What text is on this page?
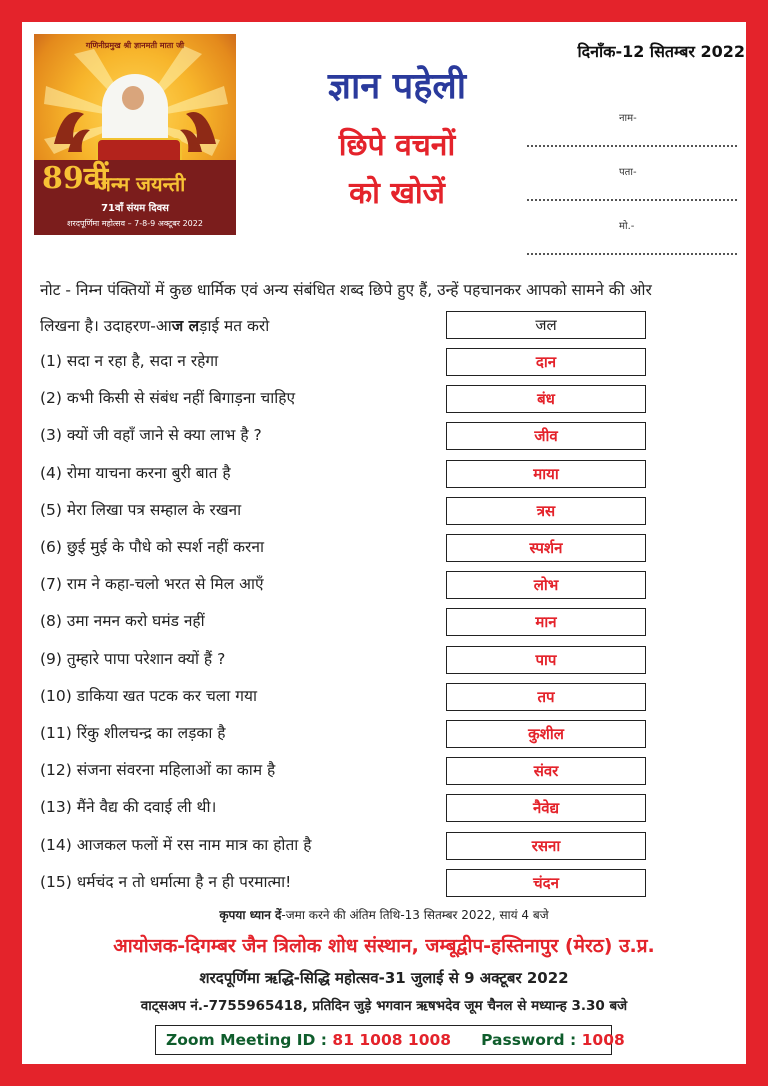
गणिनीप्रमुख श्री ज्ञानमती माता जी
89वीं
जन्म जयन्ती
71वाँ संयम दिवस
शरदपूर्णिमा महोत्सव – 7-8-9 अक्टूबर 2022
ज्ञान पहेली
छिपे वचनों
को खोजें
दिनाँक-12 सितम्बर 2022
नाम-
पता-
मो.-
नोट - निम्न पंक्तियों में कुछ धार्मिक एवं अन्य संबंधित शब्द छिपे हुए हैं, उन्हें पहचानकर आपको सामने की ओर
लिखना है। उदाहरण-आज लड़ाई मत करो	जल
(1) सदा न रहा है, सदा न रहेगा	दान
(2) कभी किसी से संबंध नहीं बिगाड़ना चाहिए	बंध
(3) क्यों जी वहाँ जाने से क्या लाभ है ?	जीव
(4) रोमा याचना करना बुरी बात है	माया
(5) मेरा लिखा पत्र सम्हाल के रखना	त्रस
(6) छुई मुई के पौधे को स्पर्श नहीं करना	स्पर्शन
(7) राम ने कहा-चलो भरत से मिल आएँ	लोभ
(8) उमा नमन करो घमंड नहीं	मान
(9) तुम्हारे पापा परेशान क्यों हैं ?	पाप
(10) डाकिया खत पटक कर चला गया	तप
(11) रिंकु शीलचन्द्र का लड़का है	कुशील
(12) संजना संवरना महिलाओं का काम है	संवर
(13) मैंने वैद्य की दवाई ली थी।	नैवेद्य
(14) आजकल फलों में रस नाम मात्र का होता है	रसना
(15) धर्मचंद न तो धर्मात्मा है न ही परमात्मा!	चंदन
कृपया ध्यान दें-जमा करने की अंतिम तिथि-13 सितम्बर 2022, सायं 4 बजे
आयोजक-दिगम्बर जैन त्रिलोक शोध संस्थान, जम्बूद्वीप-हस्तिनापुर (मेरठ) उ.प्र.
शरदपूर्णिमा ऋद्धि-सिद्धि महोत्सव-31 जुलाई से 9 अक्टूबर 2022
वाट्सअप नं.-7755965418, प्रतिदिन जुड़े भगवान ऋषभदेव जूम चैनल से मध्यान्ह 3.30 बजे
Zoom Meeting ID : 81 1008 1008 Password : 1008
